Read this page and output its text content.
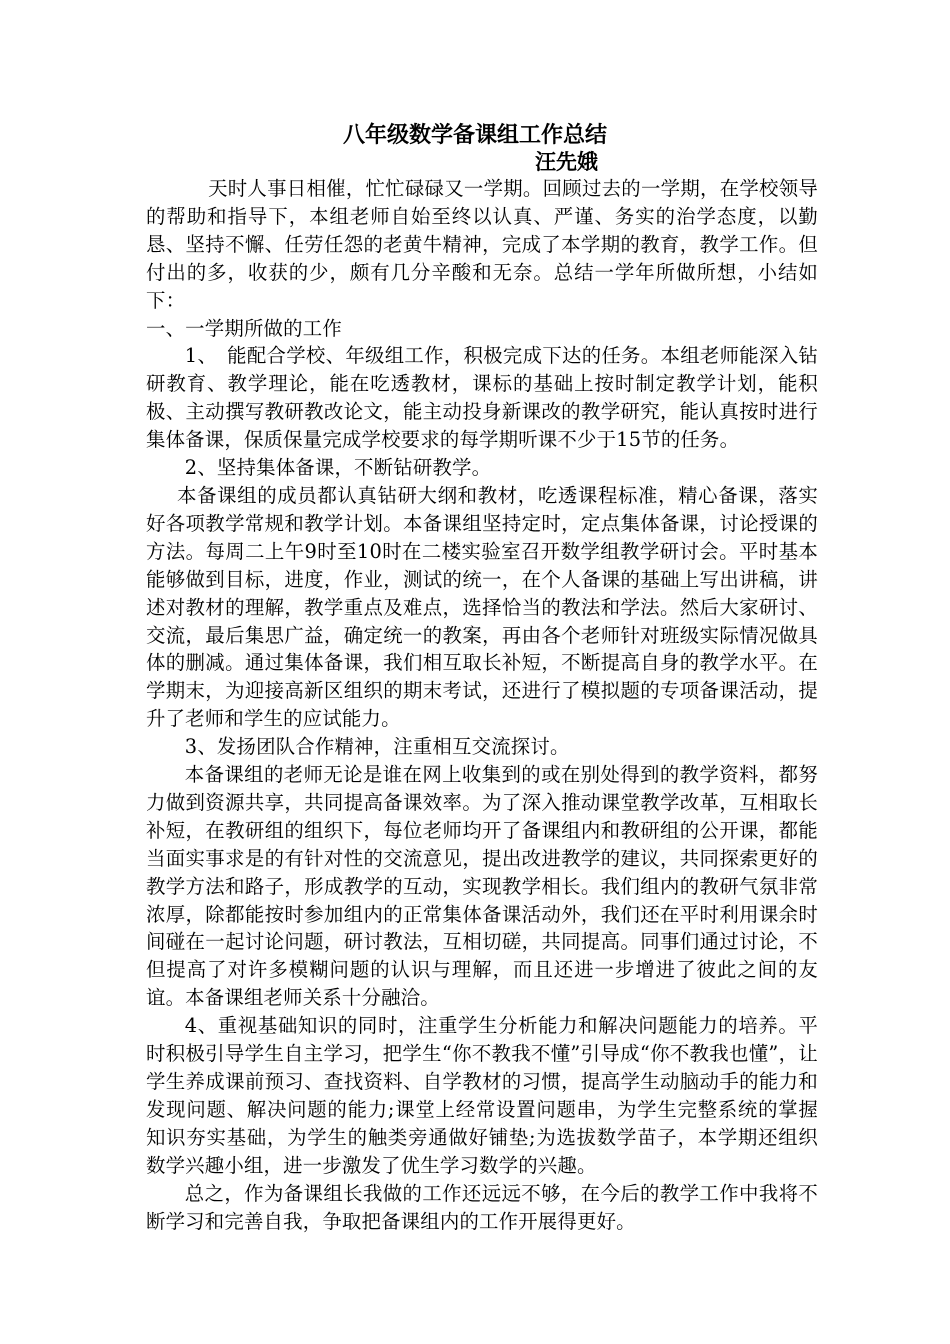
八年级数学备课组工作总结
汪先娥

天时人事日相催，忙忙碌碌又一学期。回顾过去的一学期，在学校领导的帮助和指导下，本组老师自始至终以认真、严谨、务实的治学态度，以勤恳、坚持不懈、任劳任怨的老黄牛精神，完成了本学期的教育，教学工作。但付出的多，收获的少，颇有几分辛酸和无奈。总结一学年所做所想，小结如下：

一、一学期所做的工作

1、　能配合学校、年级组工作，积极完成下达的任务。本组老师能深入钻研教育、教学理论，能在吃透教材，课标的基础上按时制定教学计划，能积极、主动撰写教研教改论文，能主动投身新课改的教学研究，能认真按时进行集体备课，保质保量完成学校要求的每学期听课不少于15节的任务。

2、坚持集体备课，不断钻研教学。

本备课组的成员都认真钻研大纲和教材，吃透课程标准，精心备课，落实好各项教学常规和教学计划。本备课组坚持定时，定点集体备课，讨论授课的方法。每周二上午9时至10时在二楼实验室召开数学组教学研讨会。平时基本能够做到目标，进度，作业，测试的统一，在个人备课的基础上写出讲稿，讲述对教材的理解，教学重点及难点，选择恰当的教法和学法。然后大家研讨、交流，最后集思广益，确定统一的教案，再由各个老师针对班级实际情况做具体的删减。通过集体备课，我们相互取长补短，不断提高自身的教学水平。在学期末，为迎接高新区组织的期末考试，还进行了模拟题的专项备课活动，提升了老师和学生的应试能力。

3、发扬团队合作精神，注重相互交流探讨。

本备课组的老师无论是谁在网上收集到的或在别处得到的教学资料，都努力做到资源共享，共同提高备课效率。为了深入推动课堂教学改革，互相取长补短，在教研组的组织下，每位老师均开了备课组内和教研组的公开课，都能当面实事求是的有针对性的交流意见，提出改进教学的建议，共同探索更好的教学方法和路子，形成教学的互动，实现教学相长。我们组内的教研气氛非常浓厚，除都能按时参加组内的正常集体备课活动外，我们还在平时利用课余时间碰在一起讨论问题，研讨教法，互相切磋，共同提高。同事们通过讨论，不但提高了对许多模糊问题的认识与理解，而且还进一步增进了彼此之间的友谊。本备课组老师关系十分融洽。

4、重视基础知识的同时，注重学生分析能力和解决问题能力的培养。平时积极引导学生自主学习，把学生“你不教我不懂”引导成“你不教我也懂”，让学生养成课前预习、查找资料、自学教材的习惯，提高学生动脑动手的能力和发现问题、解决问题的能力;课堂上经常设置问题串，为学生完整系统的掌握知识夯实基础，为学生的触类旁通做好铺垫;为选拔数学苗子，本学期还组织数学兴趣小组，进一步激发了优生学习数学的兴趣。

总之，作为备课组长我做的工作还远远不够，在今后的教学工作中我将不断学习和完善自我，争取把备课组内的工作开展得更好。
